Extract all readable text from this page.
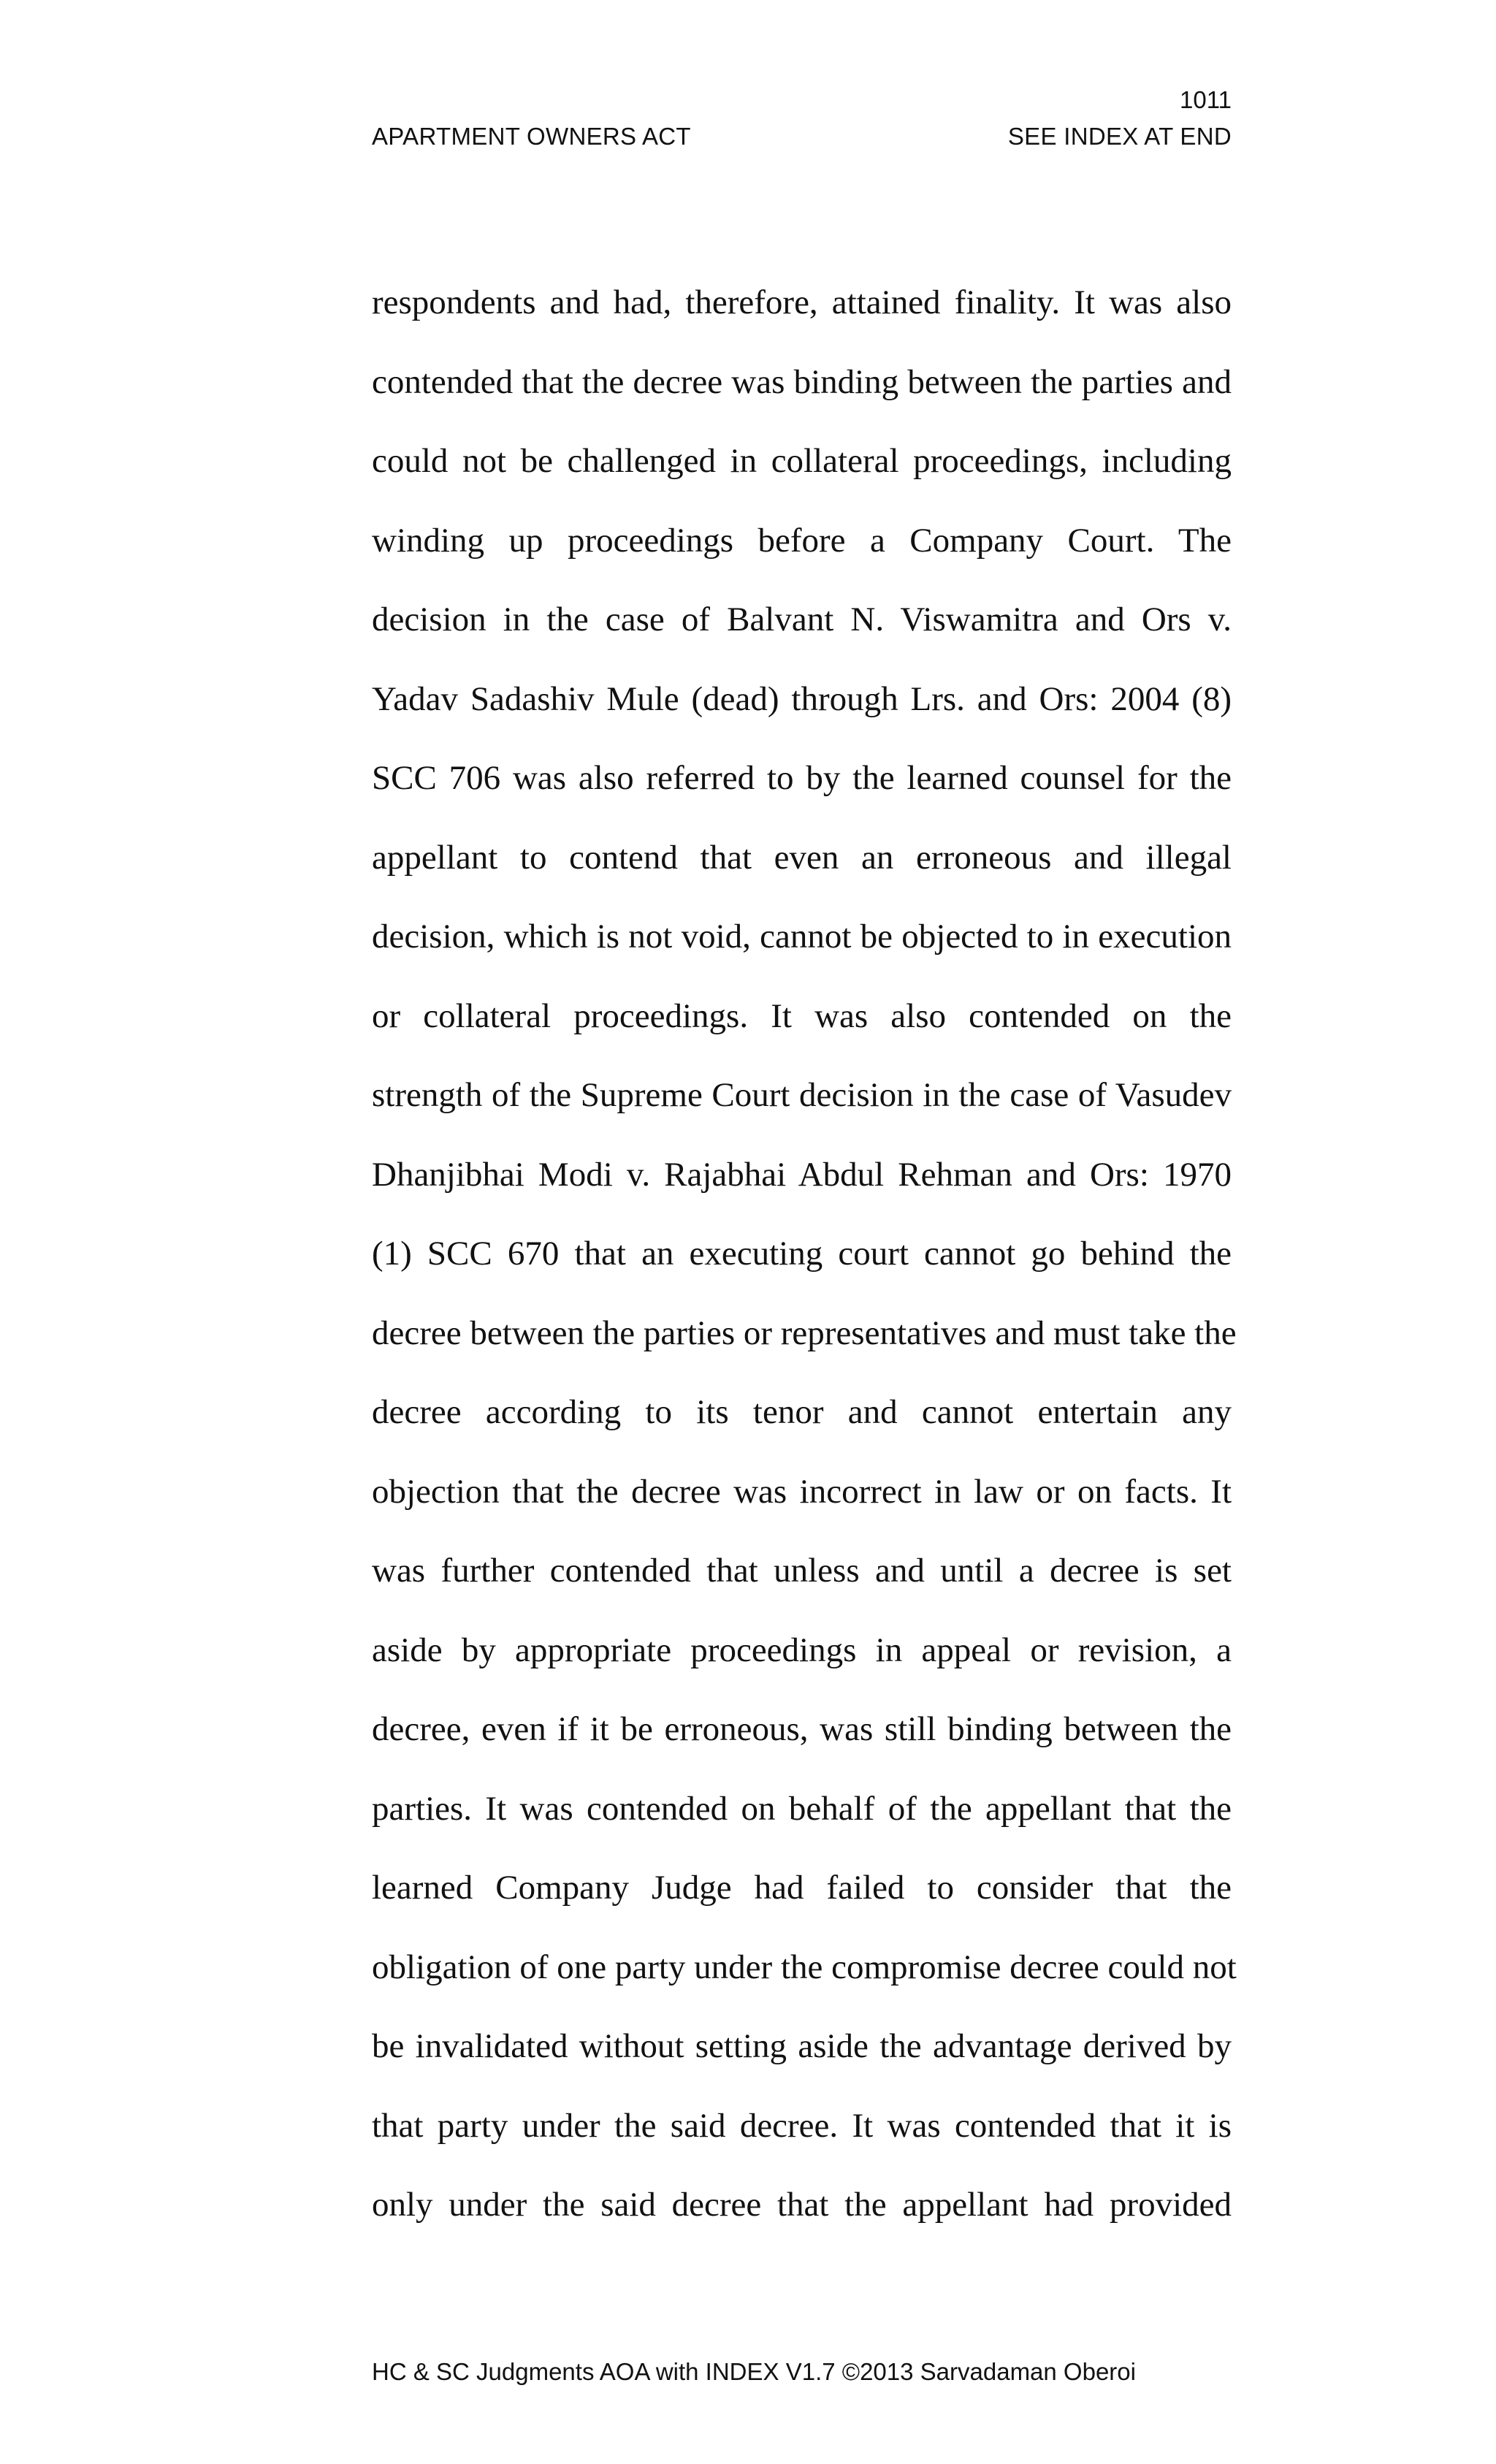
1011
APARTMENT OWNERS ACT	SEE INDEX AT END
respondents and had, therefore, attained finality. It was also
contended that the decree was binding between the parties and
could not be challenged in collateral proceedings, including
winding up proceedings before a Company Court. The
decision in the case of Balvant N. Viswamitra and Ors v.
Yadav Sadashiv Mule (dead) through Lrs. and Ors: 2004 (8)
SCC 706 was also referred to by the learned counsel for the
appellant to contend that even an erroneous and illegal
decision, which is not void, cannot be objected to in execution
or collateral proceedings. It was also contended on the
strength of the Supreme Court decision in the case of Vasudev
Dhanjibhai Modi v. Rajabhai Abdul Rehman and Ors: 1970
(1) SCC 670 that an executing court cannot go behind the
decree between the parties or representatives and must take the
decree according to its tenor and cannot entertain any
objection that the decree was incorrect in law or on facts. It
was further contended that unless and until a decree is set
aside by appropriate proceedings in appeal or revision, a
decree, even if it be erroneous, was still binding between the
parties. It was contended on behalf of the appellant that the
learned Company Judge had failed to consider that the
obligation of one party under the compromise decree could not
be invalidated without setting aside the advantage derived by
that party under the said decree. It was contended that it is
only under the said decree that the appellant had provided
HC & SC Judgments AOA with INDEX V1.7 ©2013 Sarvadaman Oberoi
